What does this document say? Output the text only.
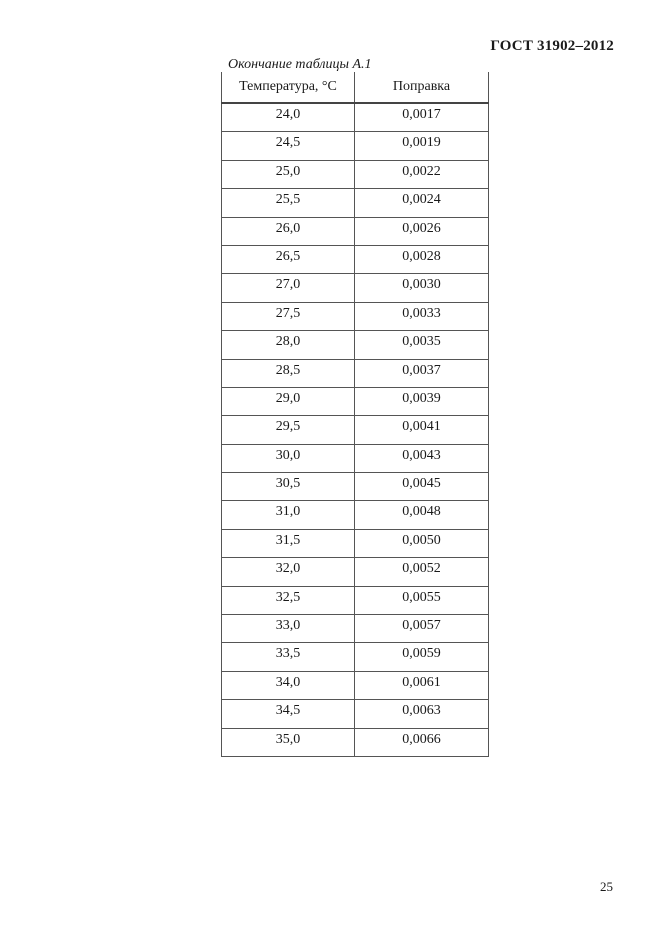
ГОСТ 31902–2012
Окончание таблицы А.1
Температура, °С	Поправка
24,0	0,0017
24,5	0,0019
25,0	0,0022
25,5	0,0024
26,0	0,0026
26,5	0,0028
27,0	0,0030
27,5	0,0033
28,0	0,0035
28,5	0,0037
29,0	0,0039
29,5	0,0041
30,0	0,0043
30,5	0,0045
31,0	0,0048
31,5	0,0050
32,0	0,0052
32,5	0,0055
33,0	0,0057
33,5	0,0059
34,0	0,0061
34,5	0,0063
35,0	0,0066
25
